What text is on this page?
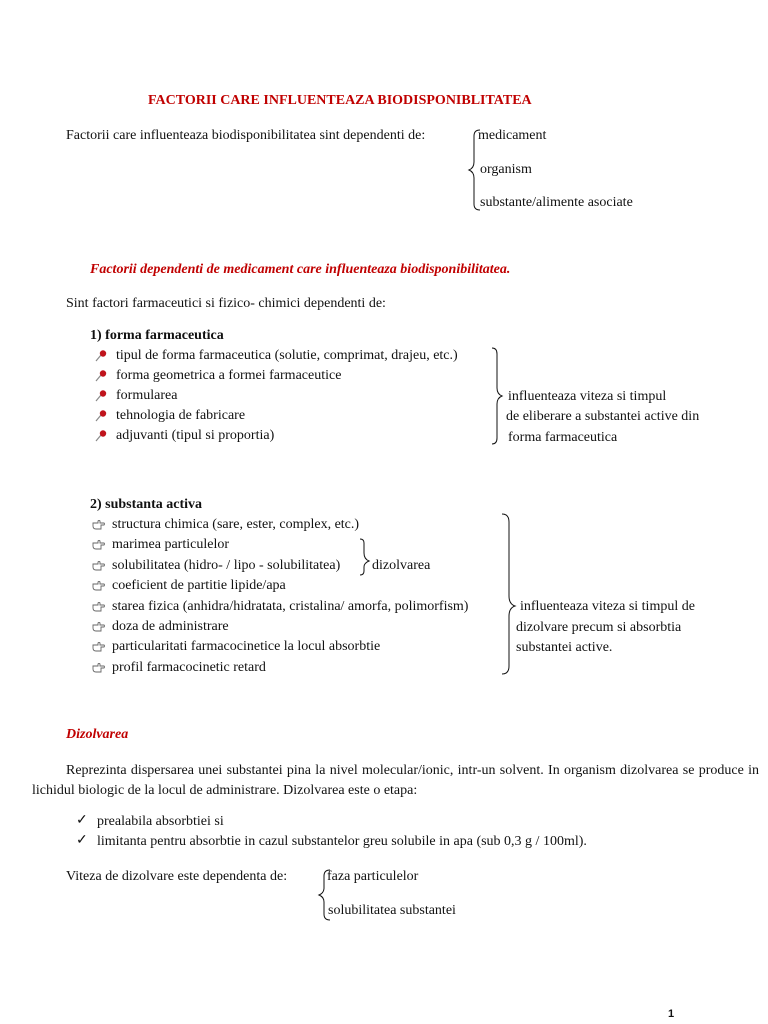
FACTORII CARE INFLUENTEAZA BIODISPONIBLITATEA
Factorii care influenteaza biodisponibilitatea sint dependenti de:	medicament
organism
substante/alimente asociate
Factorii dependenti de medicament care influenteaza biodisponibilitatea.
Sint factori farmaceutici si fizico- chimici dependenti de:
1) forma farmaceutica
tipul de forma farmaceutica (solutie, comprimat, drajeu, etc.)
forma geometrica a formei farmaceutice
formularea
tehnologia de fabricare
adjuvanti (tipul si proportia)
influenteaza viteza si timpul
de eliberare a substantei active din
forma farmaceutica
2) substanta activa
structura chimica (sare, ester, complex, etc.)
marimea particulelor
solubilitatea (hidro- / lipo - solubilitatea)
coeficient de partitie lipide/apa
starea fizica (anhidra/hidratata, cristalina/ amorfa, polimorfism)
doza de administrare
particularitati farmacocinetice la locul absorbtie
profil farmacocinetic retard
dizolvarea
influenteaza viteza si timpul de
dizolvare precum si absorbtia
substantei active.
Dizolvarea
Reprezinta dispersarea unei substantei pina la nivel molecular/ionic, intr-un solvent. In organism dizolvarea se produce in lichidul biologic de la locul de administrare. Dizolvarea este o etapa:
✓ prealabila absorbtiei si
✓ limitanta pentru absorbtie in cazul substantelor greu solubile in apa (sub 0,3 g / 100ml).
Viteza de dizolvare este dependenta de:	faza particulelor
solubilitatea substantei
1
